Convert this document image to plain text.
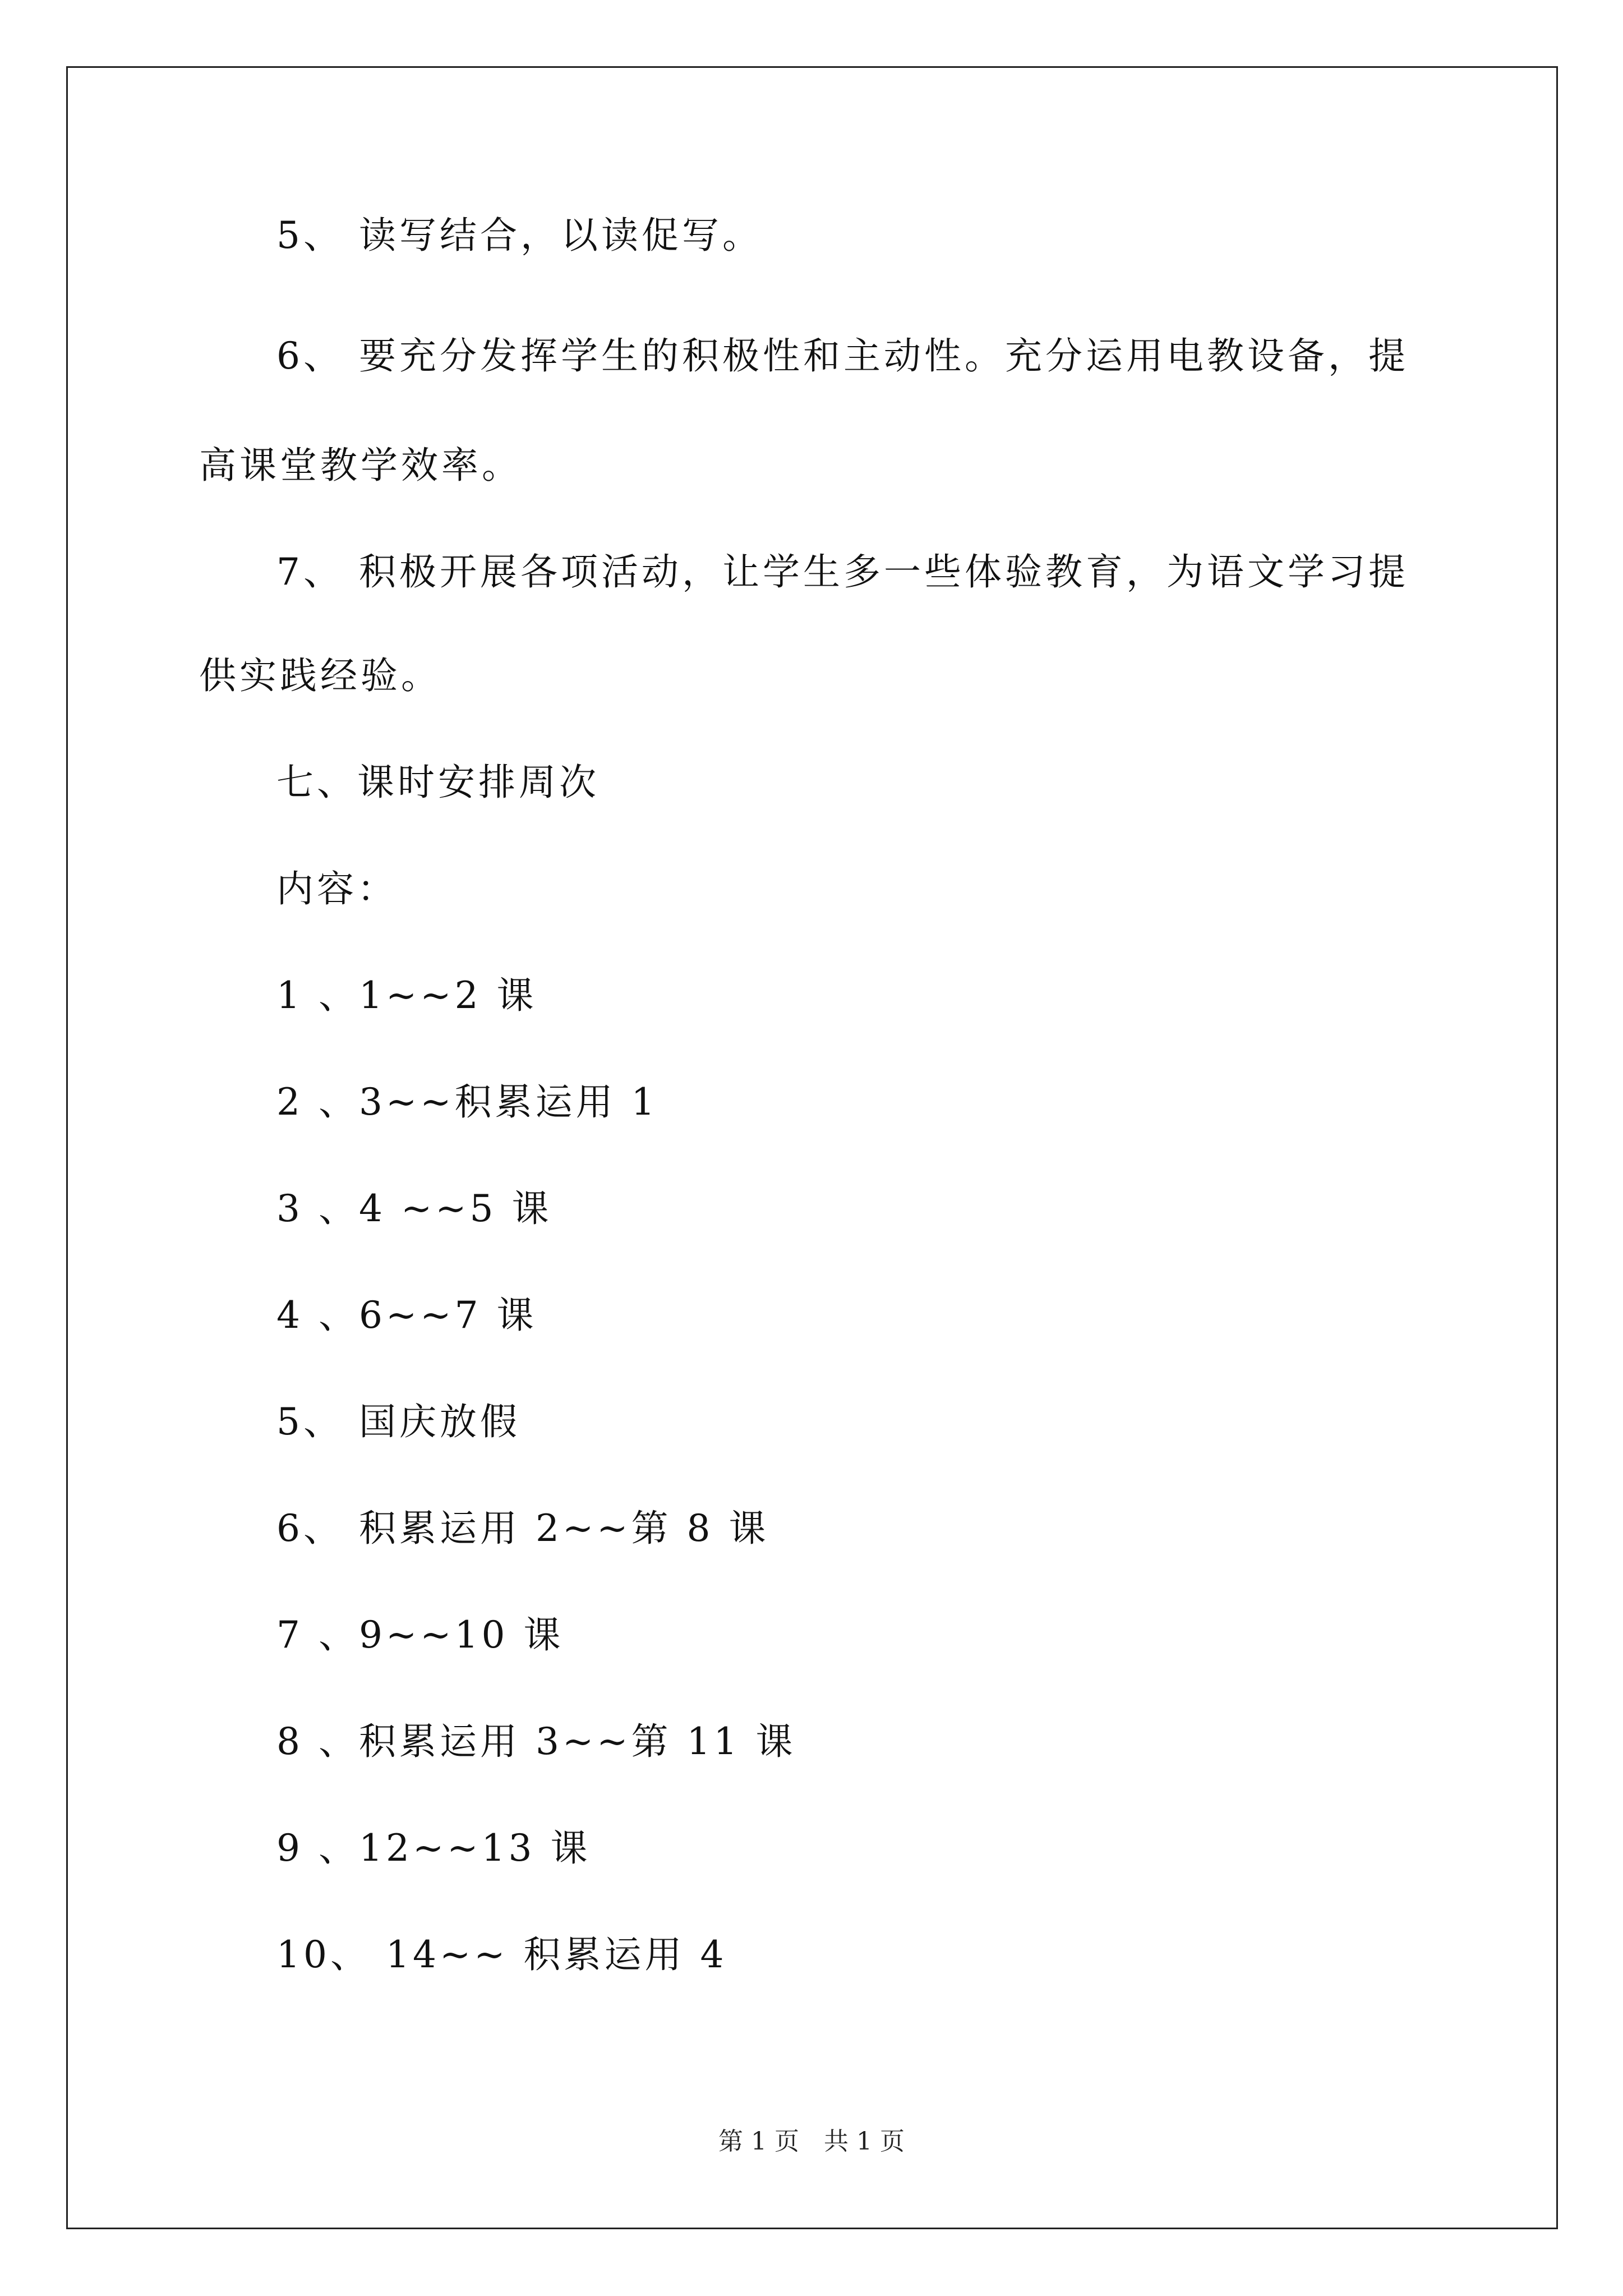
5、 读写结合，以读促写。
6、 要充分发挥学生的积极性和主动性。充分运用电教设备，提
高课堂教学效率。
7、 积极开展各项活动，让学生多一些体验教育，为语文学习提
供实践经验。
七、课时安排周次
内容：
1 、1~~2 课
2 、3~~积累运用 1
3 、4 ~~5 课
4 、6~~7 课
5、 国庆放假
6、 积累运用 2~~第 8 课
7 、9~~10 课
8 、积累运用 3~~第 11 课
9 、12~~13 课
10、 14~~ 积累运用 4
第 1 页 共 1 页
